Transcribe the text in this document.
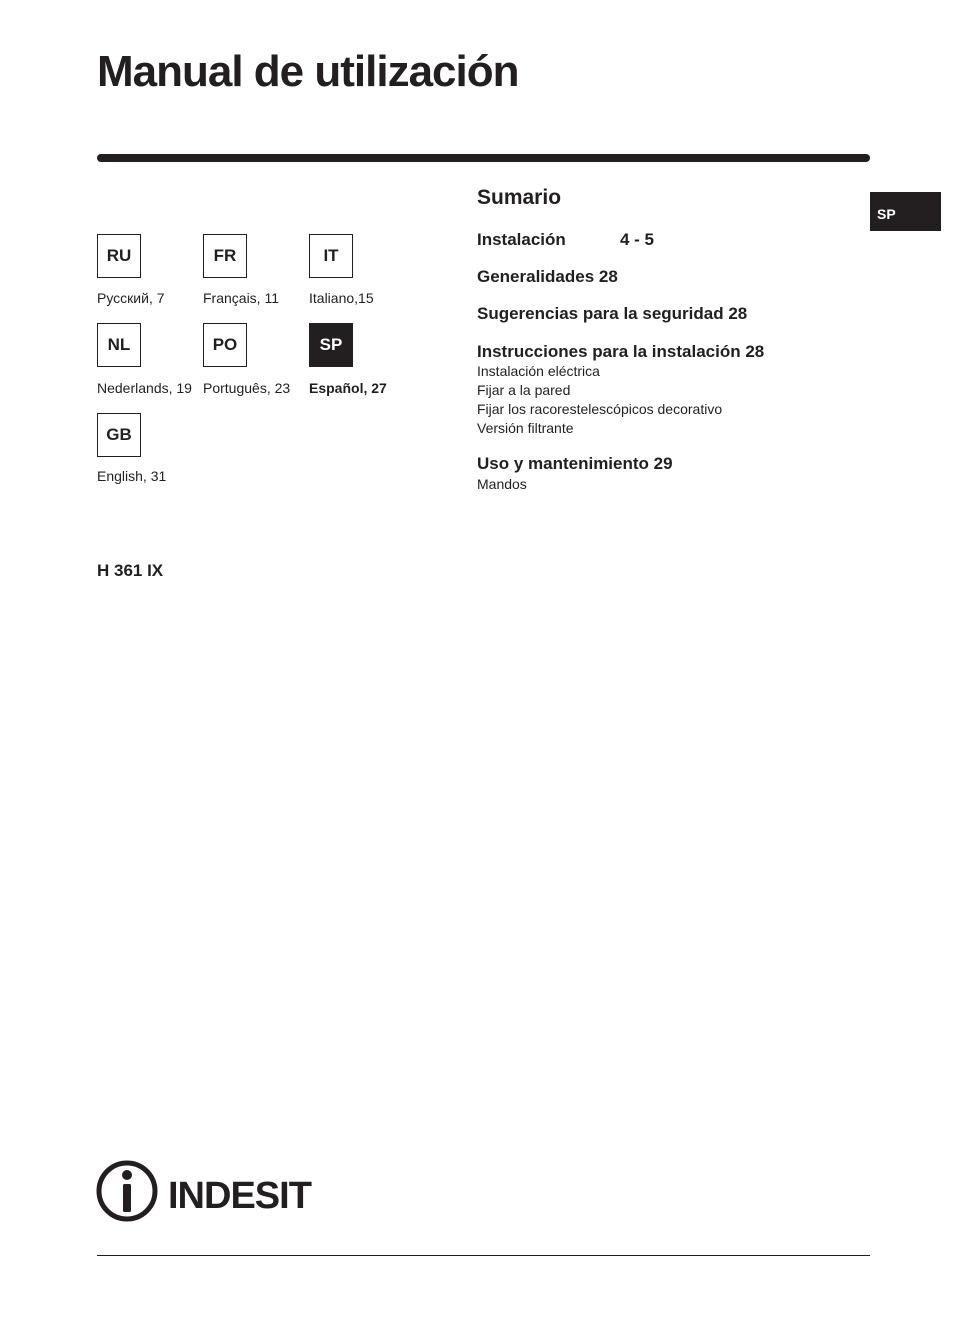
Manual de utilización
SP
RU
Русский, 7
FR
Français, 11
IT
Italiano,15
NL
Nederlands, 19
PO
Português, 23
SP
Español, 27
GB
English, 31
H 361 IX
Sumario
Instalación	4 - 5
Generalidades 28
Sugerencias para la seguridad 28
Instrucciones para la instalación 28
Instalación eléctrica
Fijar a la pared
Fijar los racorestelescópicos decorativo
Versión filtrante
Uso y mantenimiento 29
Mandos
INDESIT
